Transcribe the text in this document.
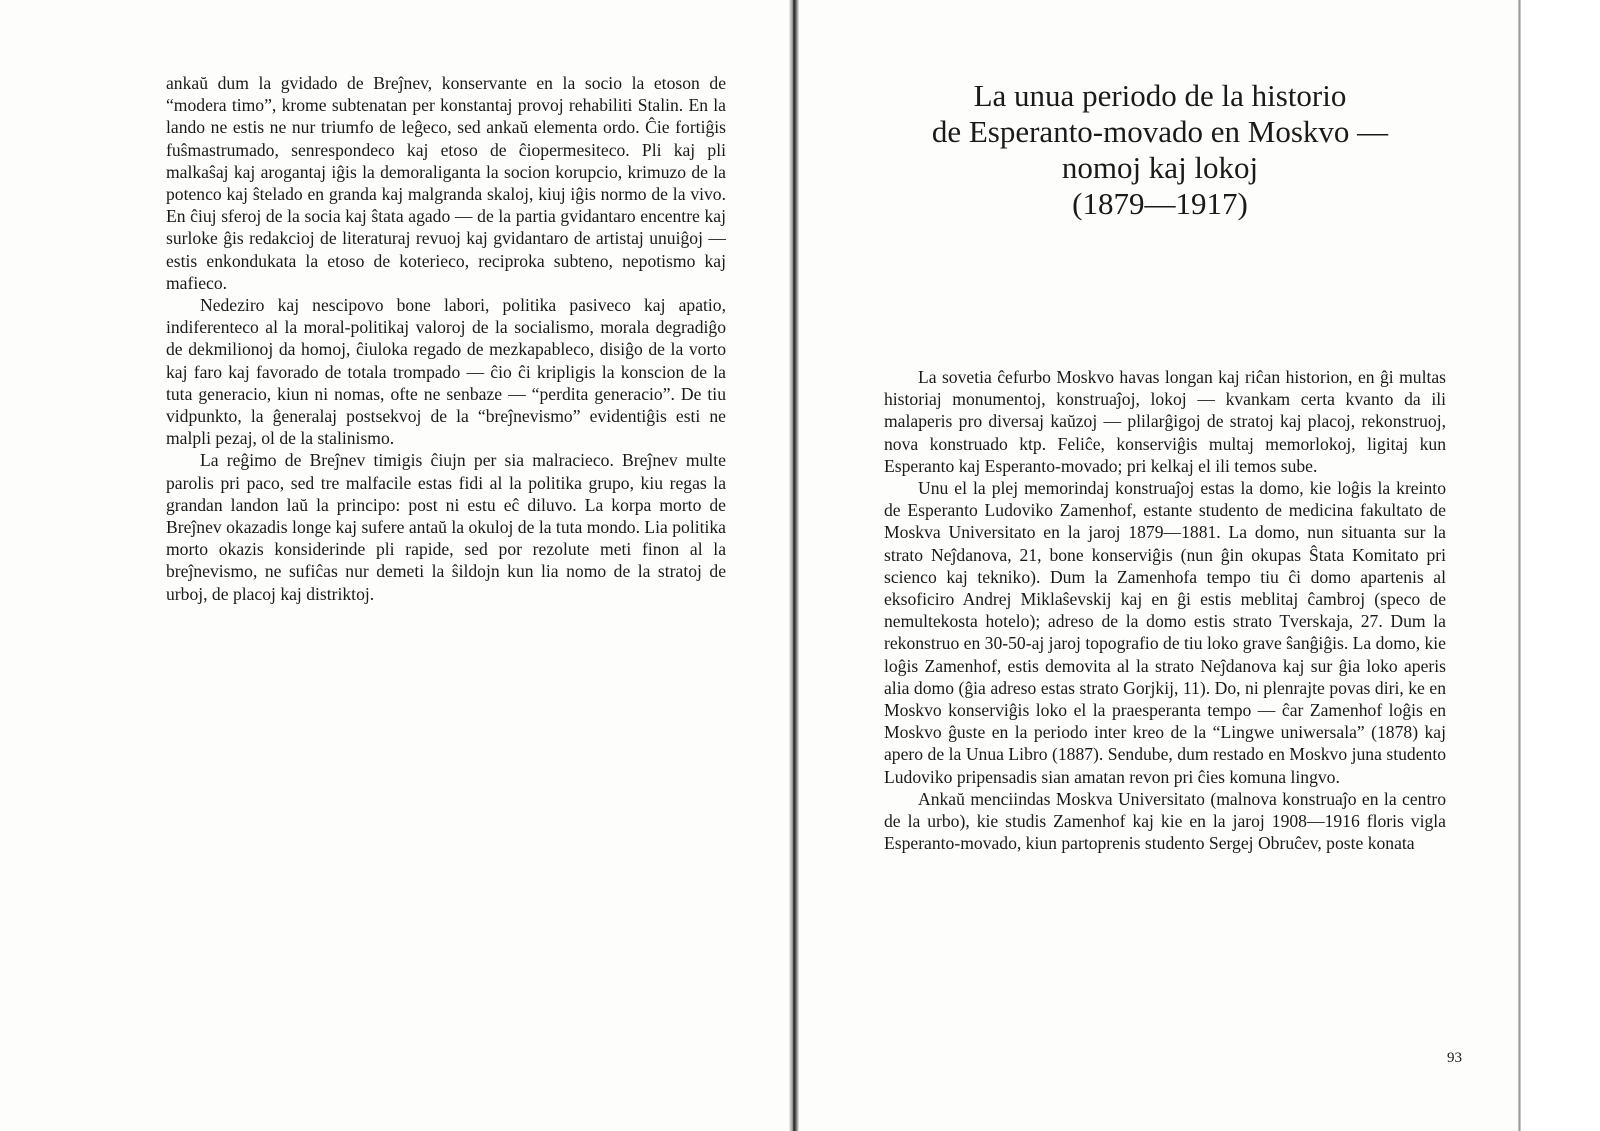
ankaŭ dum la gvidado de Breĵnev, konservante en la socio la etoson de “modera timo”, krome subtenatan per konstantaj provoj rehabiliti Stalin. En la lando ne estis ne nur triumfo de leĝeco, sed ankaŭ elementa ordo. Ĉie fortiĝis fuŝmastrumado, senrespondeco kaj etoso de ĉiopermesiteco. Pli kaj pli malkaŝaj kaj arogantaj iĝis la demoraliganta la socion korupcio, krimuzo de la potenco kaj ŝtelado en granda kaj malgranda skaloj, kiuj iĝis normo de la vivo. En ĉiuj sferoj de la socia kaj ŝtata agado — de la partia gvidantaro encentre kaj surloke ĝis redakcioj de literaturaj revuoj kaj gvidantaro de artistaj unuiĝoj — estis enkondukata la etoso de koterieco, reciproka subteno, nepotismo kaj mafieco.

Nedeziro kaj nescipovo bone labori, politika pasiveco kaj apatio, indiferenteco al la moral-politikaj valoroj de la socialismo, morala degradiĝo de dekmilionoj da homoj, ĉiuloka regado de mezkapableco, disiĝo de la vorto kaj faro kaj favorado de totala trompado — ĉio ĉi kripligis la konscion de la tuta generacio, kiun ni nomas, ofte ne senbaze — “perdita generacio”. De tiu vidpunkto, la ĝeneralaj postsekvoj de la “breĵnevismo” evidentiĝis esti ne malpli pezaj, ol de la stalinismo.

La reĝimo de Breĵnev timigis ĉiujn per sia malracieco. Breĵnev multe parolis pri paco, sed tre malfacile estas fidi al la politika grupo, kiu regas la grandan landon laŭ la principo: post ni estu eĉ diluvo. La korpa morto de Breĵnev okazadis longe kaj sufere antaŭ la okuloj de la tuta mondo. Lia politika morto okazis konsiderinde pli rapide, sed por rezolute meti finon al la breĵnevismo, ne sufiĉas nur demeti la ŝildojn kun lia nomo de la stratoj de urboj, de placoj kaj distriktoj.

La unua periodo de la historio
de Esperanto-movado en Moskvo —
nomoj kaj lokoj
(1879—1917)

La sovetia ĉefurbo Moskvo havas longan kaj riĉan historion, en ĝi multas historiaj monumentoj, konstruaĵoj, lokoj — kvankam certa kvanto da ili malaperis pro diversaj kaŭzoj — plilarĝigoj de stratoj kaj placoj, rekonstruoj, nova konstruado ktp. Feliĉe, konserviĝis multaj memorlokoj, ligitaj kun Esperanto kaj Esperanto-movado; pri kelkaj el ili temos sube.

Unu el la plej memorindaj konstruaĵoj estas la domo, kie loĝis la kreinto de Esperanto Ludoviko Zamenhof, estante studento de medicina fakultato de Moskva Universitato en la jaroj 1879—1881. La domo, nun situanta sur la strato Neĵdanova, 21, bone konserviĝis (nun ĝin okupas Ŝtata Komitato pri scienco kaj tekniko). Dum la Zamenhofa tempo tiu ĉi domo apartenis al eksoficiro Andrej Miklaŝevskij kaj en ĝi estis meblitaj ĉambroj (speco de nemultekosta hotelo); adreso de la domo estis strato Tverskaja, 27. Dum la rekonstruo en 30-50-aj jaroj topografio de tiu loko grave ŝanĝiĝis. La domo, kie loĝis Zamenhof, estis demovita al la strato Neĵdanova kaj sur ĝia loko aperis alia domo (ĝia adreso estas strato Gorjkij, 11). Do, ni plenrajte povas diri, ke en Moskvo konserviĝis loko el la praesperanta tempo — ĉar Zamenhof loĝis en Moskvo ĝuste en la periodo inter kreo de la “Lingwe uniwersala” (1878) kaj apero de la Unua Libro (1887). Sendube, dum restado en Moskvo juna studento Ludoviko pripensadis sian amatan revon pri ĉies komuna lingvo.

Ankaŭ menciindas Moskva Universitato (malnova konstruaĵo en la centro de la urbo), kie studis Zamenhof kaj kie en la jaroj 1908—1916 floris vigla Esperanto-movado, kiun partoprenis studento Sergej Obruĉev, poste konata

93
